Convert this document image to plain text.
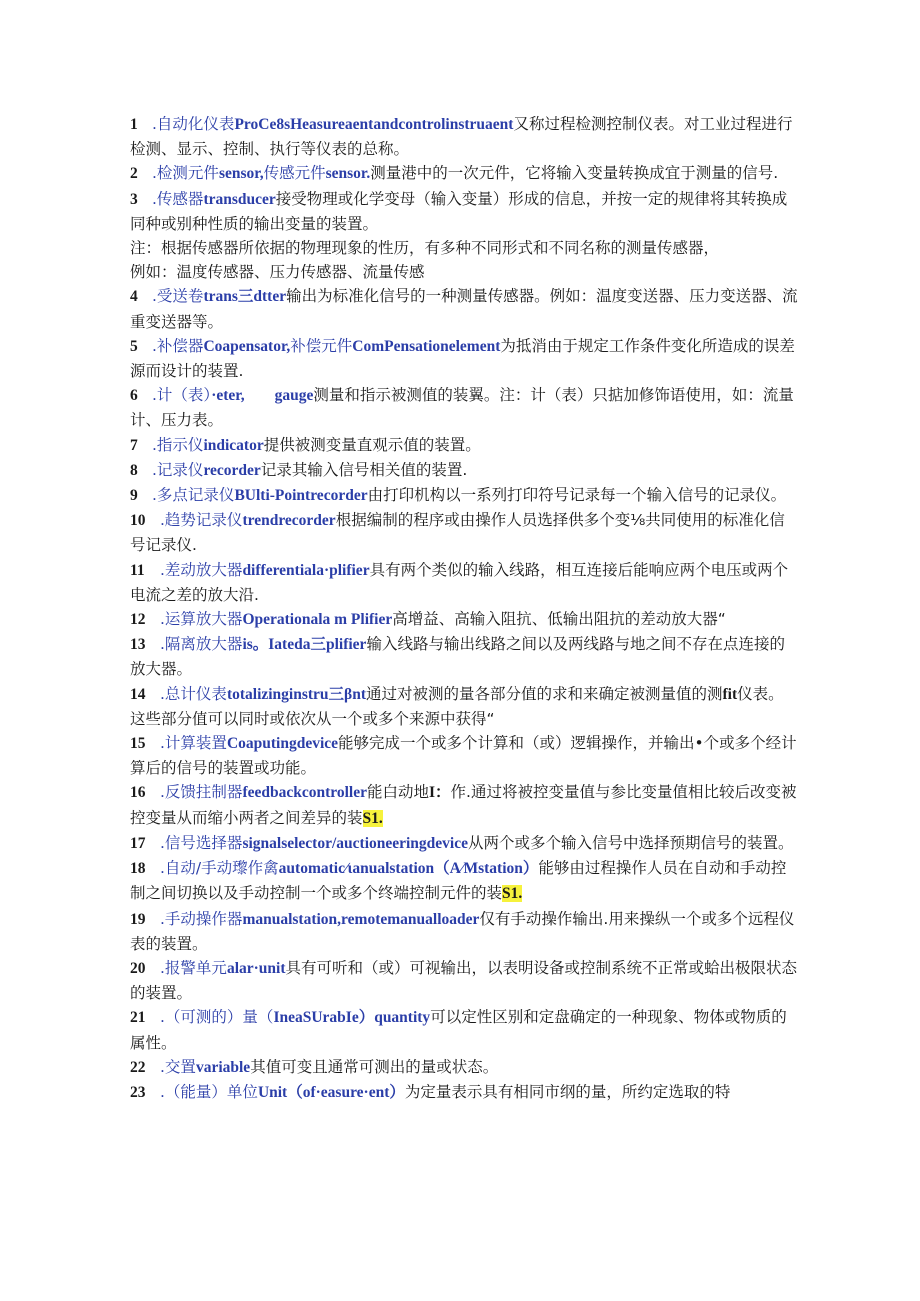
1 .自动化仪表ProCe8sHeasureaentandcontrolinstruaent又称过程检测控制仪表。对工业过程进行检测、显示、控制、执行等仪表的总称。

2 .检测元件sensor,传感元件sensor.测量港中的一次元件，它将输入变量转换成宜于测量的信号.

3 .传感器transducer接受物理或化学变母（输入变量）形成的信息，并按一定的规律将其转换成同种或别种性质的输出变量的装置。

注：根据传感器所依据的物理现象的性历，有多种不同形式和不同名称的测量传感器，
例如：温度传感器、压力传感器、流量传感

4 .受送卷trans三dtter输出为标准化信号的一种测量传感器。例如：温度变送器、压力变送器、流重变送器等。

5 .补偿器Coapensator,补偿元件ComPensationelement为抵消由于规定工作条件变化所造成的误差源而设计的装置.

6 .计（表）·eter, gauge测量和指示被测值的装翼。注：计（表）只掂加修饰语使用，如：流量计、压力表。

7 .指示仪indicator提供被测变量直观示值的装置。

8 .记录仪recorder记录其输入信号相关值的装置.

9 .多点记录仪BUlti-Pointrecorder由打印机构以一系列打印符号记录每一个输入信号的记录仪。

10 .趋势记录仪trendrecorder根据编制的程序或由操作人员选择供多个变⅛共同使用的标准化信号记录仪.

11 .差动放大器differentiala·plifier具有两个类似的输入线路，相互连接后能响应两个电压或两个电流之差的放大沿.

12 .运算放大器Operationala m Plifier高增益、高输入阻抗、低输出阻抗的差动放大器“

13 .隔离放大器is。Iateda三plifier输入线路与输出线路之间以及两线路与地之间不存在点连接的放大器。

14 .总计仪表totalizinginstru三βnt通过对被测的量各部分值的求和来确定被测量值的测fit仪表。这些部分值可以同时或依次从一个或多个来源中获得“

15 .计算装置Coaputingdevice能够完成一个或多个计算和（或）逻辑操作，并输出•个或多个经计算后的信号的装置或功能。

16 .反馈拄制器feedbackcontroller能白动地I：作.通过将被控变量值与参比变量值相比较后改变被控变量从而缩小两者之间差异的装S1.

17 .信号选择器signalselector/auctioneeringdevice从两个或多个输入信号中选择预期信号的装置。

18 .自动/手动瓈作禽automatic∕ιanualstation（A∕Mstation）能够由过程操作人员在自动和手动控制之间切换以及手动控制一个或多个终端控制元件的装S1.

19 .手动操作器manualstation,remotemanualloader仅有手动操作输出.用来操纵一个或多个远程仪表的装置。

20 .报警单元alar·unit具有可听和（或）可视输出，以表明设备或控制系统不正常或蛤出极限状态的装置。

21 .（可测的）量（IneaSUrabIe）quantity可以定性区别和定盘确定的一种现象、物体或物质的属性。

22 .交置variable其值可变且通常可测出的量或状态。

23 .（能量）单位Unit（of·easure·ent）为定量表示具有相同市纲的量，所约定选取的特
